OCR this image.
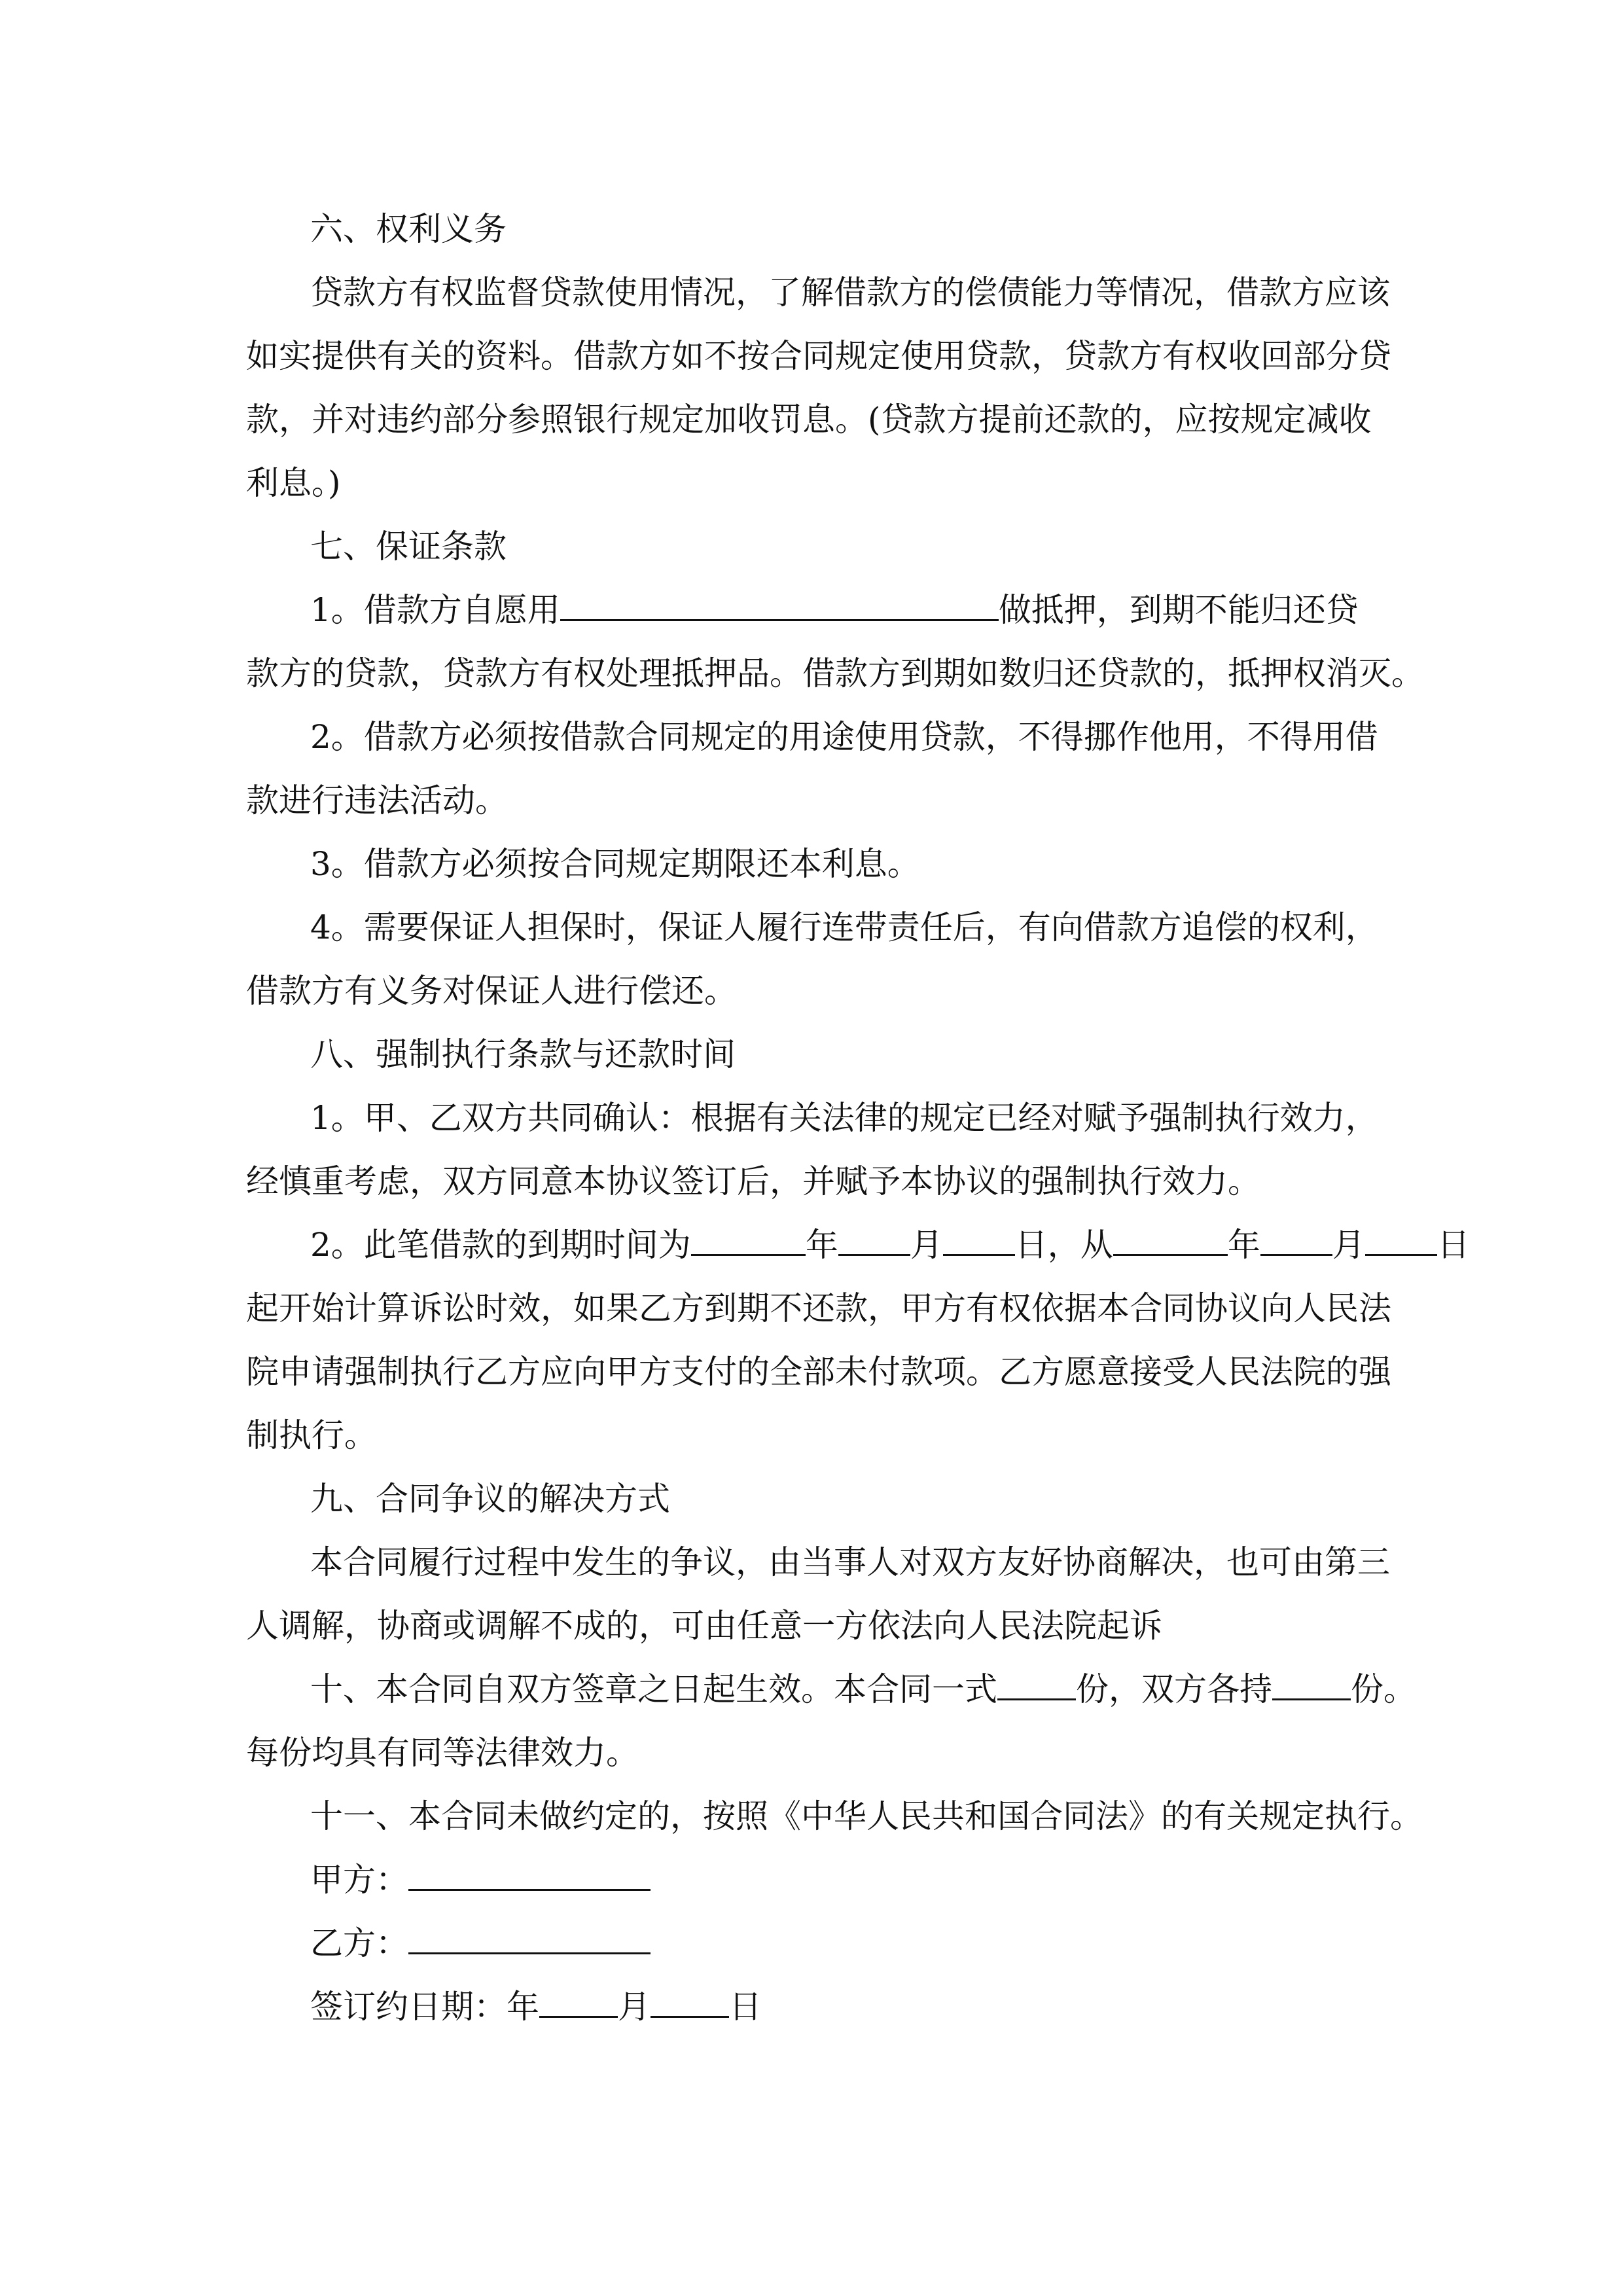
六、权利义务
贷款方有权监督贷款使用情况，了解借款方的偿债能力等情况，借款方应该
如实提供有关的资料。借款方如不按合同规定使用贷款，贷款方有权收回部分贷
款，并对违约部分参照银行规定加收罚息。(贷款方提前还款的，应按规定减收
利息。)
七、保证条款
1。借款方自愿用	做抵押，到期不能归还贷
款方的贷款，贷款方有权处理抵押品。借款方到期如数归还贷款的，抵押权消灭。
2。借款方必须按借款合同规定的用途使用贷款，不得挪作他用，不得用借
款进行违法活动。
3。借款方必须按合同规定期限还本利息。
4。需要保证人担保时，保证人履行连带责任后，有向借款方追偿的权利，
借款方有义务对保证人进行偿还。
八、强制执行条款与还款时间
1。甲、乙双方共同确认：根据有关法律的规定已经对赋予强制执行效力，
经慎重考虑，双方同意本协议签订后，并赋予本协议的强制执行效力。
2。此笔借款的到期时间为	年 月 日，从	年 月 日
起开始计算诉讼时效，如果乙方到期不还款，甲方有权依据本合同协议向人民法
院申请强制执行乙方应向甲方支付的全部未付款项。乙方愿意接受人民法院的强
制执行。
九、合同争议的解决方式
本合同履行过程中发生的争议，由当事人对双方友好协商解决，也可由第三
人调解，协商或调解不成的，可由任意一方依法向人民法院起诉
十、本合同自双方签章之日起生效。本合同一式 份，双方各持 份。
每份均具有同等法律效力。
十一、本合同未做约定的，按照《中华人民共和国合同法》的有关规定执行。
甲方：
乙方：
签订约日期：年 月 日
